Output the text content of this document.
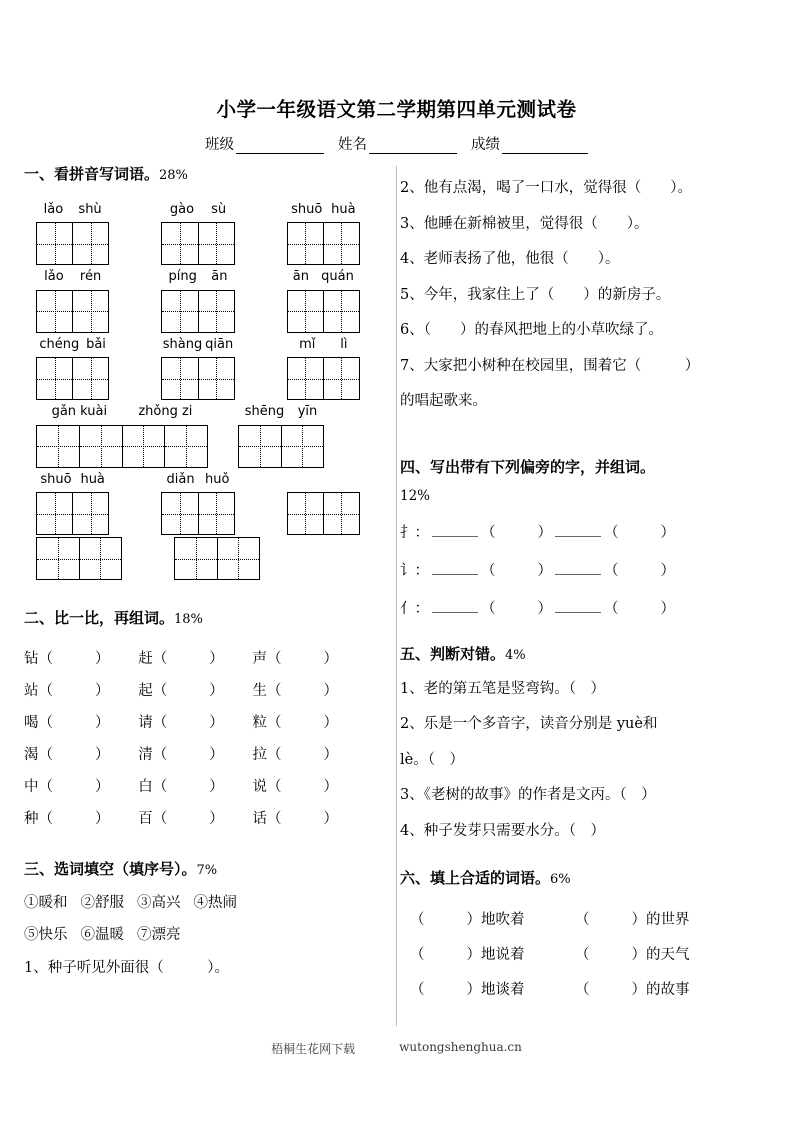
小学一年级语文第二学期第四单元测试卷
班级	姓名	成绩
一、看拼音写词语。28%
lǎo shù	gào sù	shuō huà
lǎo rén	píng ān	ān quán
chéng bǎi	shàng qiān	mǐ lì
gǎn kuài zhǒng zi	shēng yīn
shuō huà	diǎn huǒ
二、比一比，再组词。18%
钻（ ）	赶（ ）	声（ ）
站（ ）	起（ ）	生（ ）
喝（ ）	请（ ）	粒（ ）
渴（ ）	清（ ）	拉（ ）
中（ ）	白（ ）	说（ ）
种（ ）	百（ ）	话（ ）
三、选词填空（填序号）。7%
①暖和 ②舒服 ③高兴 ④热闹
⑤快乐 ⑥温暖 ⑦漂亮
1、种子听见外面很（　　　）。
2、他有点渴，喝了一口水，觉得很（　　）。
3、他睡在新棉被里，觉得很（　　）。
4、老师表扬了他，他很（　　）。
5、今年，我家住上了（　　）的新房子。
6、（　　）的春风把地上的小草吹绿了。
7、大家把小树种在校园里，围着它（　　　）
的唱起歌来。
四、写出带有下列偏旁的字，并组词。
12%
扌：	（	）	（	）
讠：	（	）	（	）
亻：	（	）	（	）
五、判断对错。4%
1、老的第五笔是竖弯钩。（　）
2、乐是一个多音字，读音分别是 yuè和
lè。（　）
3、《老树的故事》的作者是文丙。（　）
4、种子发芽只需要水分。（　）
六、填上合适的词语。6%
（ ）地吹着	（ ）的世界
（ ）地说着	（ ）的天气
（ ）地谈着	（ ）的故事
梧桐生花网下载	wutongshenghua.cn
